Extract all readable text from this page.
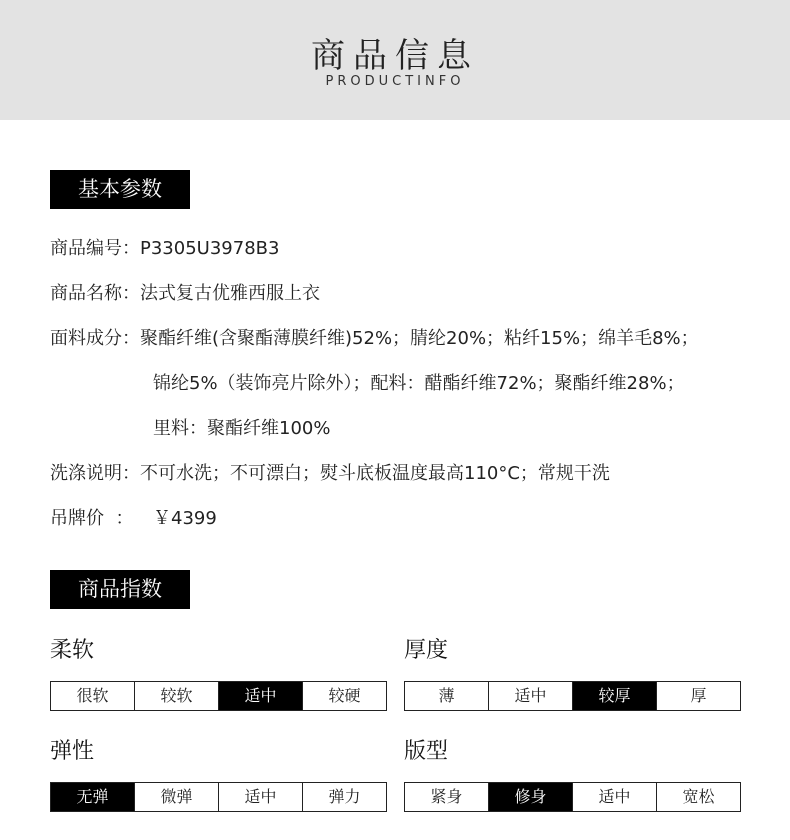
商品信息
PRODUCTINFO
基本参数
商品编号：P3305U3978B3
商品名称：法式复古优雅西服上衣
面料成分：聚酯纤维(含聚酯薄膜纤维)52%；腈纶20%；粘纤15%；绵羊毛8%；
锦纶5%（装饰亮片除外）；配料：醋酯纤维72%；聚酯纤维28%；
里料：聚酯纤维100%
洗涤说明：不可水洗；不可漂白；熨斗底板温度最高110°C；常规干洗
吊牌价  ： ￥4399
商品指数
柔软
很软	较软	适中	较硬
厚度
薄	适中	较厚	厚
弹性
无弹	微弹	适中	弹力
版型
紧身	修身	适中	宽松
